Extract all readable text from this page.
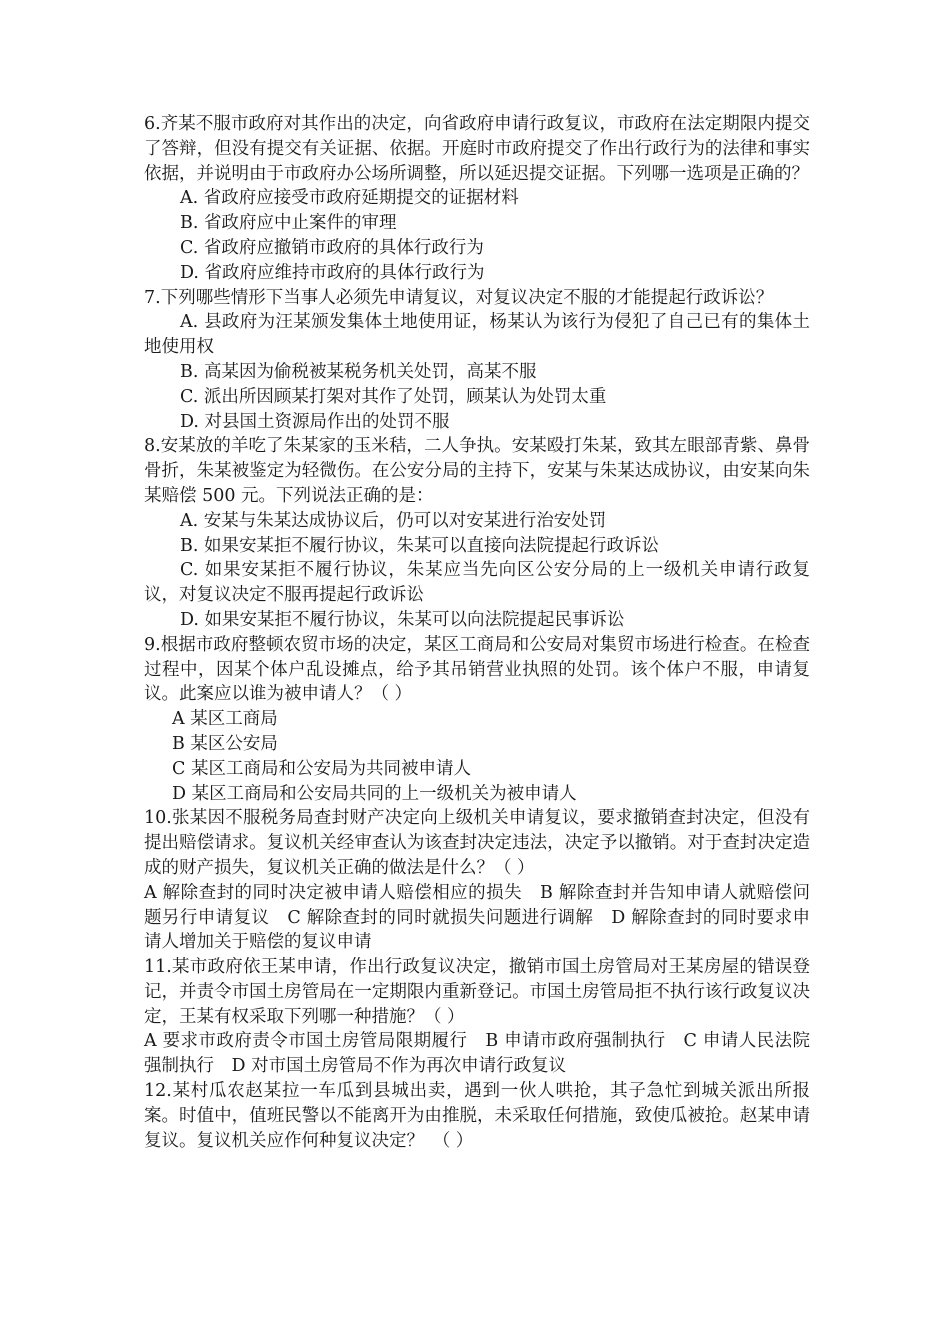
6.齐某不服市政府对其作出的决定，向省政府申请行政复议，市政府在法定期限内提交了答辩，但没有提交有关证据、依据。开庭时市政府提交了作出行政行为的法律和事实依据，并说明由于市政府办公场所调整，所以延迟提交证据。下列哪一选项是正确的？

A. 省政府应接受市政府延期提交的证据材料

B. 省政府应中止案件的审理

C. 省政府应撤销市政府的具体行政行为

D. 省政府应维持市政府的具体行政行为

7.下列哪些情形下当事人必须先申请复议，对复议决定不服的才能提起行政诉讼？

A. 县政府为汪某颁发集体土地使用证，杨某认为该行为侵犯了自己已有的集体土地使用权

B. 高某因为偷税被某税务机关处罚，高某不服

C. 派出所因顾某打架对其作了处罚，顾某认为处罚太重

D. 对县国土资源局作出的处罚不服

8.安某放的羊吃了朱某家的玉米秸，二人争执。安某殴打朱某，致其左眼部青紫、鼻骨骨折，朱某被鉴定为轻微伤。在公安分局的主持下，安某与朱某达成协议，由安某向朱某赔偿 500 元。下列说法正确的是：

A. 安某与朱某达成协议后，仍可以对安某进行治安处罚

B. 如果安某拒不履行协议，朱某可以直接向法院提起行政诉讼

C. 如果安某拒不履行协议，朱某应当先向区公安分局的上一级机关申请行政复议，对复议决定不服再提起行政诉讼

D. 如果安某拒不履行协议，朱某可以向法院提起民事诉讼

9.根据市政府整顿农贸市场的决定，某区工商局和公安局对集贸市场进行检查。在检查过程中，因某个体户乱设摊点，给予其吊销营业执照的处罚。该个体户不服，申请复议。此案应以谁为被申请人？（ ）

A 某区工商局

B 某区公安局

C 某区工商局和公安局为共同被申请人

D 某区工商局和公安局共同的上一级机关为被申请人

10.张某因不服税务局查封财产决定向上级机关申请复议，要求撤销查封决定，但没有提出赔偿请求。复议机关经审查认为该查封决定违法，决定予以撤销。对于查封决定造成的财产损失，复议机关正确的做法是什么？（ ）

A 解除查封的同时决定被申请人赔偿相应的损失　B 解除查封并告知申请人就赔偿问题另行申请复议　C 解除查封的同时就损失问题进行调解　D 解除查封的同时要求申请人增加关于赔偿的复议申请

11.某市政府依王某申请，作出行政复议决定，撤销市国土房管局对王某房屋的错误登记，并责令市国土房管局在一定期限内重新登记。市国土房管局拒不执行该行政复议决定，王某有权采取下列哪一种措施？（ ）

A 要求市政府责令市国土房管局限期履行　B 申请市政府强制执行　C 申请人民法院强制执行　D 对市国土房管局不作为再次申请行政复议

12.某村瓜农赵某拉一车瓜到县城出卖，遇到一伙人哄抢，其子急忙到城关派出所报案。时值中，值班民警以不能离开为由推脱，未采取任何措施，致使瓜被抢。赵某申请复议。复议机关应作何种复议决定？　（ ）
